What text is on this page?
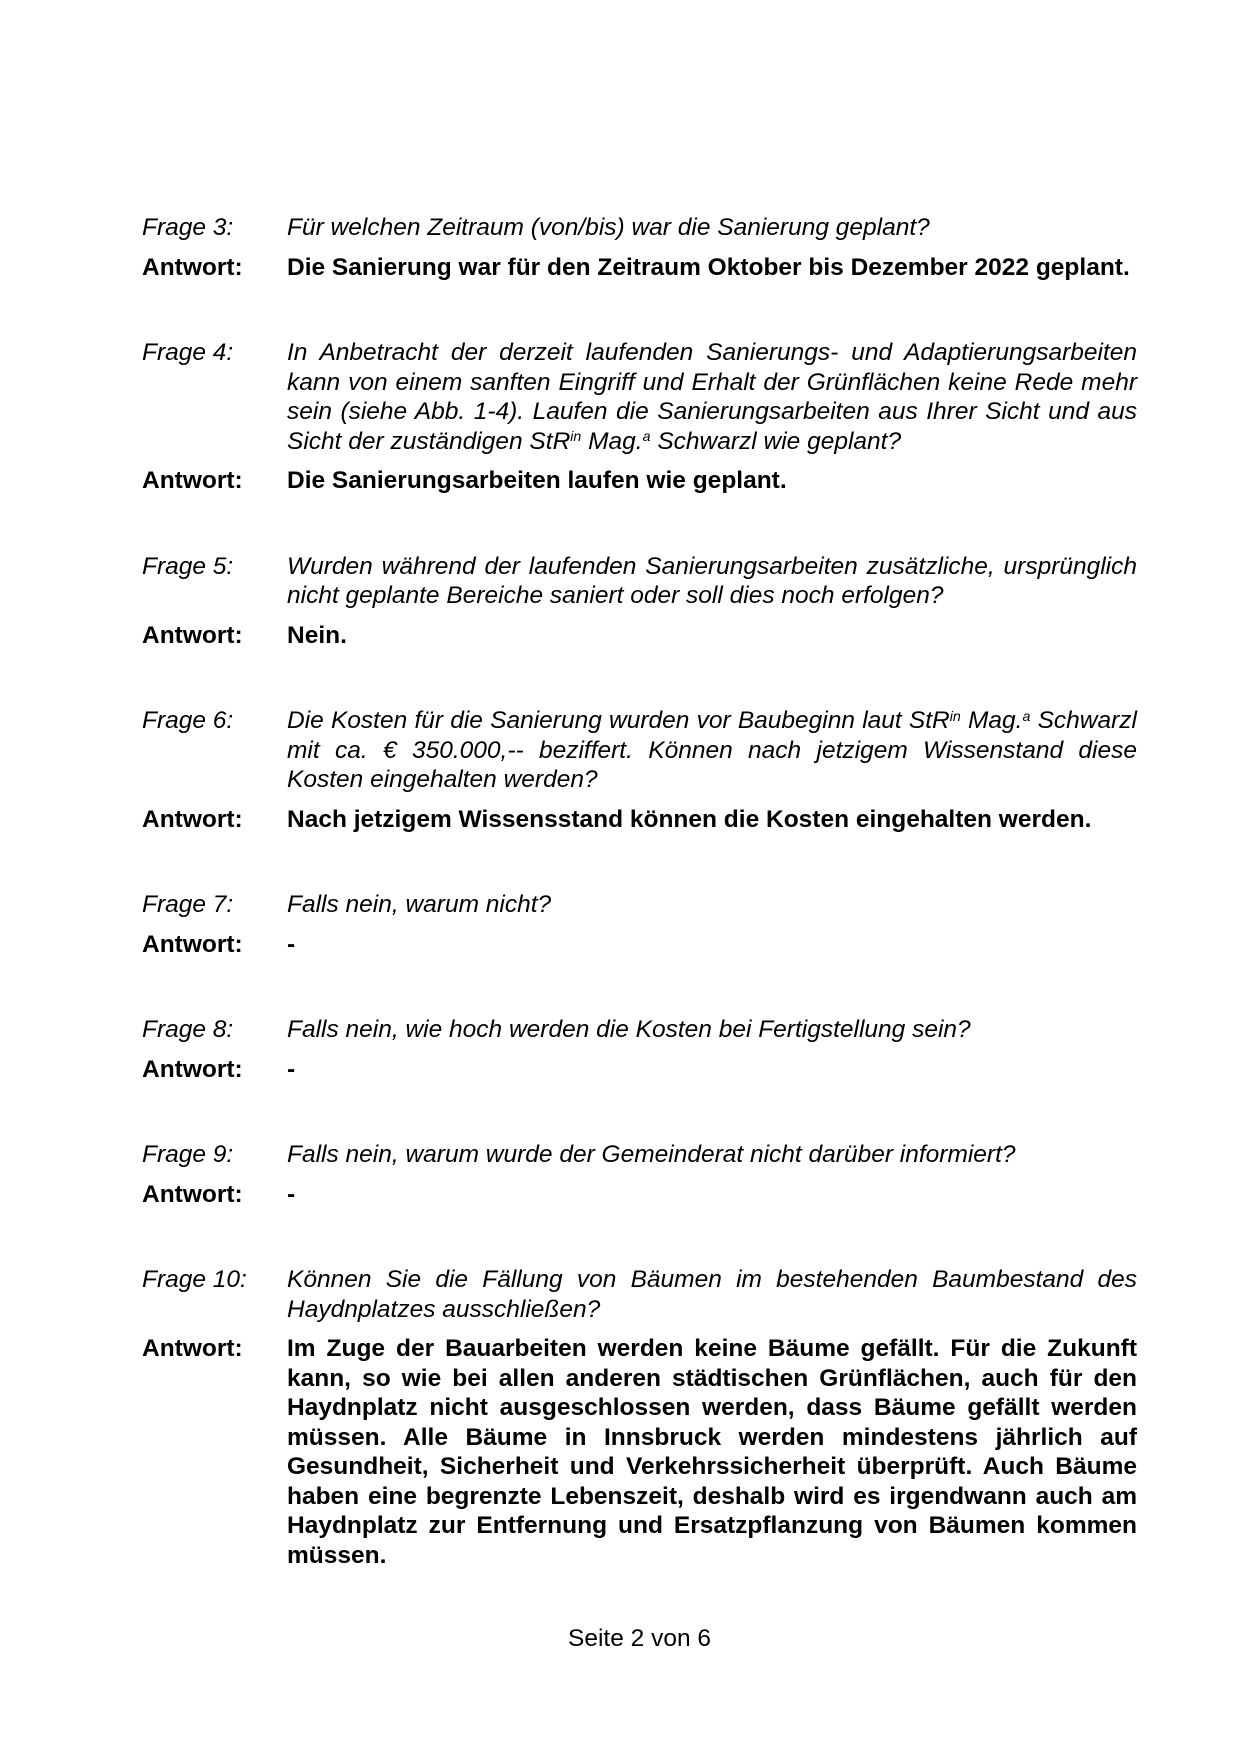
Frage 3:	Für welchen Zeitraum (von/bis) war die Sanierung geplant?
Antwort:	Die Sanierung war für den Zeitraum Oktober bis Dezember 2022 geplant.
Frage 4:	In Anbetracht der derzeit laufenden Sanierungs- und Adaptierungsarbeiten kann von einem sanften Eingriff und Erhalt der Grünflächen keine Rede mehr sein (siehe Abb. 1-4). Laufen die Sanierungsarbeiten aus Ihrer Sicht und aus Sicht der zuständigen StR$^{in}$ Mag.$^a$ Schwarzl wie geplant?
Antwort:	Die Sanierungsarbeiten laufen wie geplant.
Frage 5:	Wurden während der laufenden Sanierungsarbeiten zusätzliche, ursprünglich nicht geplante Bereiche saniert oder soll dies noch erfolgen?
Antwort:	Nein.
Frage 6:	Die Kosten für die Sanierung wurden vor Baubeginn laut StR$^{in}$ Mag.$^a$ Schwarzl mit ca. € 350.000,-- beziffert. Können nach jetzigem Wissenstand diese Kosten eingehalten werden?
Antwort:	Nach jetzigem Wissensstand können die Kosten eingehalten werden.
Frage 7:	Falls nein, warum nicht?
Antwort:	-
Frage 8:	Falls nein, wie hoch werden die Kosten bei Fertigstellung sein?
Antwort:	-
Frage 9:	Falls nein, warum wurde der Gemeinderat nicht darüber informiert?
Antwort:	-
Frage 10:	Können Sie die Fällung von Bäumen im bestehenden Baumbestand des Haydnplatzes ausschließen?
Antwort:	Im Zuge der Bauarbeiten werden keine Bäume gefällt. Für die Zukunft kann, so wie bei allen anderen städtischen Grünflächen, auch für den Haydnplatz nicht ausgeschlossen werden, dass Bäume gefällt werden müssen. Alle Bäume in Innsbruck werden mindestens jährlich auf Gesundheit, Sicherheit und Verkehrssicherheit überprüft. Auch Bäume haben eine begrenzte Lebenszeit, deshalb wird es irgendwann auch am Haydnplatz zur Entfernung und Ersatzpflanzung von Bäumen kommen müssen.
Seite 2 von 6
